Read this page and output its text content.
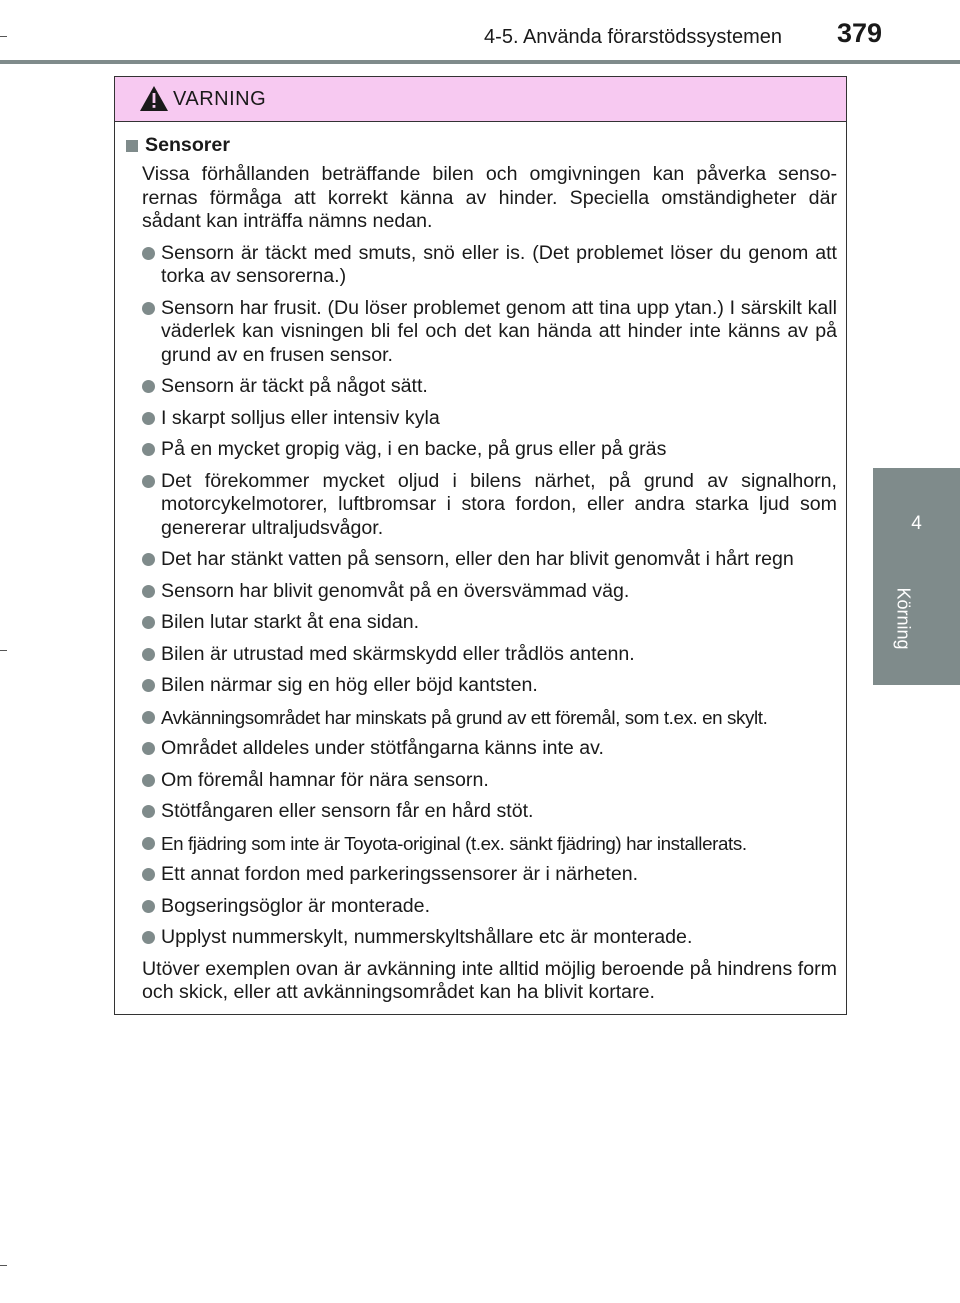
4-5. Använda förarstödssystemen 379
4
Körning
VARNING
Sensorer
Vissa förhållanden beträffande bilen och omgivningen kan påverka senso-rernas förmåga att korrekt känna av hinder. Speciella omständigheter där sådant kan inträffa nämns nedan.
Sensorn är täckt med smuts, snö eller is. (Det problemet löser du genom att torka av sensorerna.)
Sensorn har frusit. (Du löser problemet genom att tina upp ytan.) I särskilt kall väderlek kan visningen bli fel och det kan hända att hinder inte känns av på grund av en frusen sensor.
Sensorn är täckt på något sätt.
I skarpt solljus eller intensiv kyla
På en mycket gropig väg, i en backe, på grus eller på gräs
Det förekommer mycket oljud i bilens närhet, på grund av signalhorn, motorcykelmotorer, luftbromsar i stora fordon, eller andra starka ljud som genererar ultraljudsvågor.
Det har stänkt vatten på sensorn, eller den har blivit genomvåt i hårt regn
Sensorn har blivit genomvåt på en översvämmad väg.
Bilen lutar starkt åt ena sidan.
Bilen är utrustad med skärmskydd eller trådlös antenn.
Bilen närmar sig en hög eller böjd kantsten.
Avkänningsområdet har minskats på grund av ett föremål, som t.ex. en skylt.
Området alldeles under stötfångarna känns inte av.
Om föremål hamnar för nära sensorn.
Stötfångaren eller sensorn får en hård stöt.
En fjädring som inte är Toyota-original (t.ex. sänkt fjädring) har installerats.
Ett annat fordon med parkeringssensorer är i närheten.
Bogseringsöglor är monterade.
Upplyst nummerskylt, nummerskyltshållare etc är monterade.
Utöver exemplen ovan är avkänning inte alltid möjlig beroende på hindrens form och skick, eller att avkänningsområdet kan ha blivit kortare.
